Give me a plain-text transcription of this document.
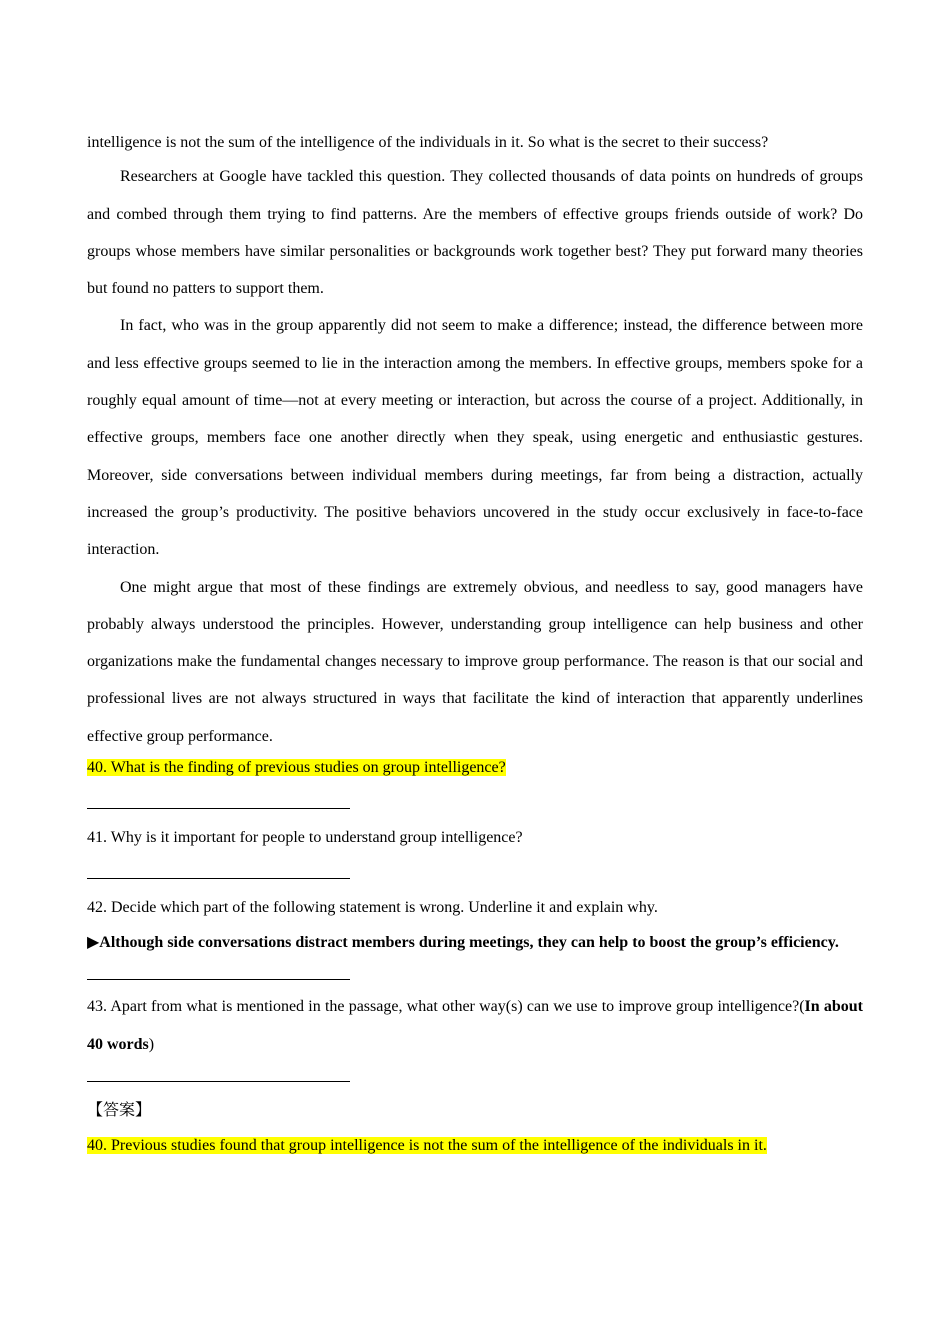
intelligence is not the sum of the intelligence of the individuals in it. So what is the secret to their success?

Researchers at Google have tackled this question. They collected thousands of data points on hundreds of groups and combed through them trying to find patterns. Are the members of effective groups friends outside of work? Do groups whose members have similar personalities or backgrounds work together best? They put forward many theories but found no patters to support them.

In fact, who was in the group apparently did not seem to make a difference; instead, the difference between more and less effective groups seemed to lie in the interaction among the members. In effective groups, members spoke for a roughly equal amount of time—not at every meeting or interaction, but across the course of a project. Additionally, in effective groups, members face one another directly when they speak, using energetic and enthusiastic gestures. Moreover, side conversations between individual members during meetings, far from being a distraction, actually increased the group’s productivity. The positive behaviors uncovered in the study occur exclusively in face-to-face interaction.

One might argue that most of these findings are extremely obvious, and needless to say, good managers have probably always understood the principles. However, understanding group intelligence can help business and other organizations make the fundamental changes necessary to improve group performance. The reason is that our social and professional lives are not always structured in ways that facilitate the kind of interaction that apparently underlines effective group performance.

40. What is the finding of previous studies on group intelligence?

41. Why is it important for people to understand group intelligence?

42. Decide which part of the following statement is wrong. Underline it and explain why.

▶Although side conversations distract members during meetings, they can help to boost the group’s efficiency.

43. Apart from what is mentioned in the passage, what other way(s) can we use to improve group intelligence?(In about 40 words)

【答案】

40. Previous studies found that group intelligence is not the sum of the intelligence of the individuals in it.
